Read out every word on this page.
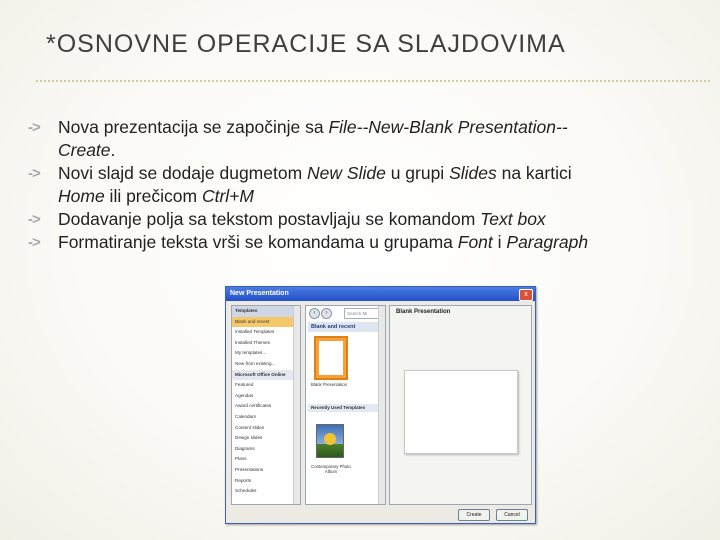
*OSNOVNE OPERACIJE SA SLAJDOVIMA
-> Nova prezentacija se započinje sa File--New-Blank Presentation--Create.
-> Novi slajd se dodaje dugmetom New Slide u grupi Slides na kartici Home ili prečicom Ctrl+M
-> Dodavanje polja sa tekstom postavljaju se komandom Text box
-> Formatiranje teksta vrši se komandama u grupama Font i Paragraph
New Presentation	x
Templates
Blank and recent
Installed Templates
Installed Themes
My templates...
New from existing...
Microsoft Office Online
Featured
Agendas
Award certificates
Calendars
Content slides
Design slides
Diagrams
Plans
Presentations
Reports
Schedules
‹	›	Search Mi
Blank and recent
Blank Presentation
Recently Used Templates
Contemporary Photo Album
Blank Presentation
Create	Cancel
